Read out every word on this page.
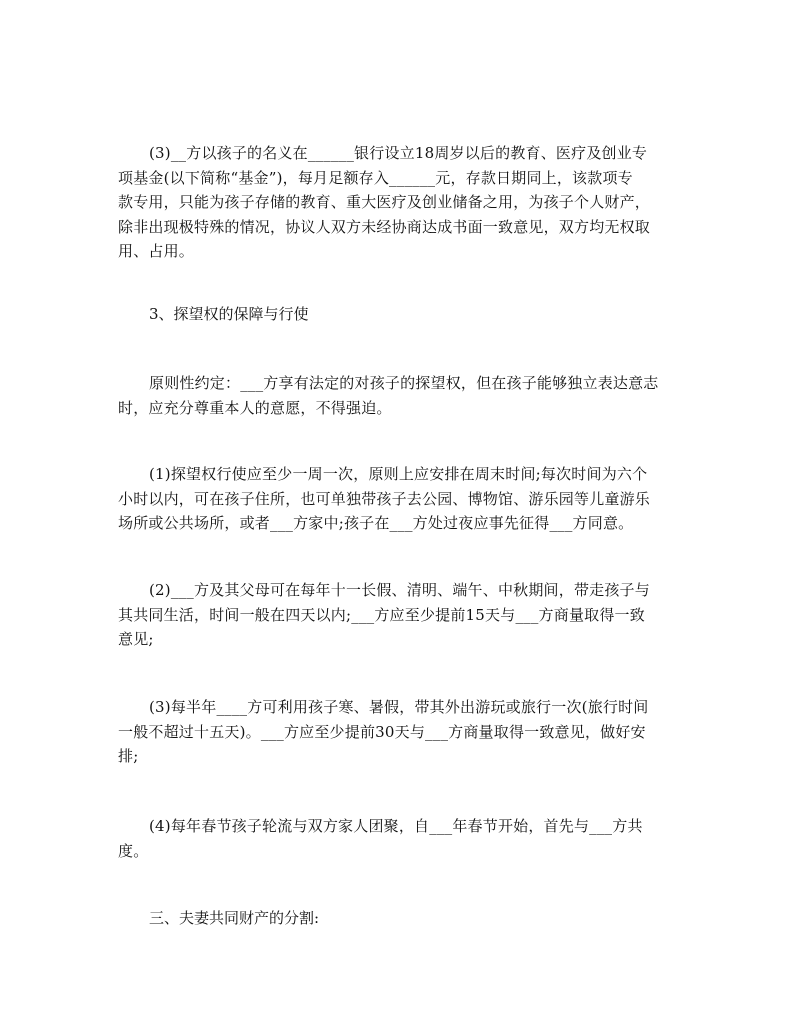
(3)__方以孩子的名义在______银行设立18周岁以后的教育、医疗及创业专
项基金(以下简称“基金”)，每月足额存入______元，存款日期同上，该款项专
款专用，只能为孩子存储的教育、重大医疗及创业储备之用，为孩子个人财产，
除非出现极特殊的情况，协议人双方未经协商达成书面一致意见，双方均无权取
用、占用。
3、探望权的保障与行使
原则性约定：___方享有法定的对孩子的探望权，但在孩子能够独立表达意志
时，应充分尊重本人的意愿，不得强迫。
(1)探望权行使应至少一周一次，原则上应安排在周末时间;每次时间为六个
小时以内，可在孩子住所，也可单独带孩子去公园、博物馆、游乐园等儿童游乐
场所或公共场所，或者___方家中;孩子在___方处过夜应事先征得___方同意。
(2)___方及其父母可在每年十一长假、清明、端午、中秋期间，带走孩子与
其共同生活，时间一般在四天以内;___方应至少提前15天与___方商量取得一致
意见;
(3)每半年____方可利用孩子寒、暑假，带其外出游玩或旅行一次(旅行时间
一般不超过十五天)。___方应至少提前30天与___方商量取得一致意见，做好安
排;
(4)每年春节孩子轮流与双方家人团聚，自___年春节开始，首先与___方共
度。
三、夫妻共同财产的分割:
